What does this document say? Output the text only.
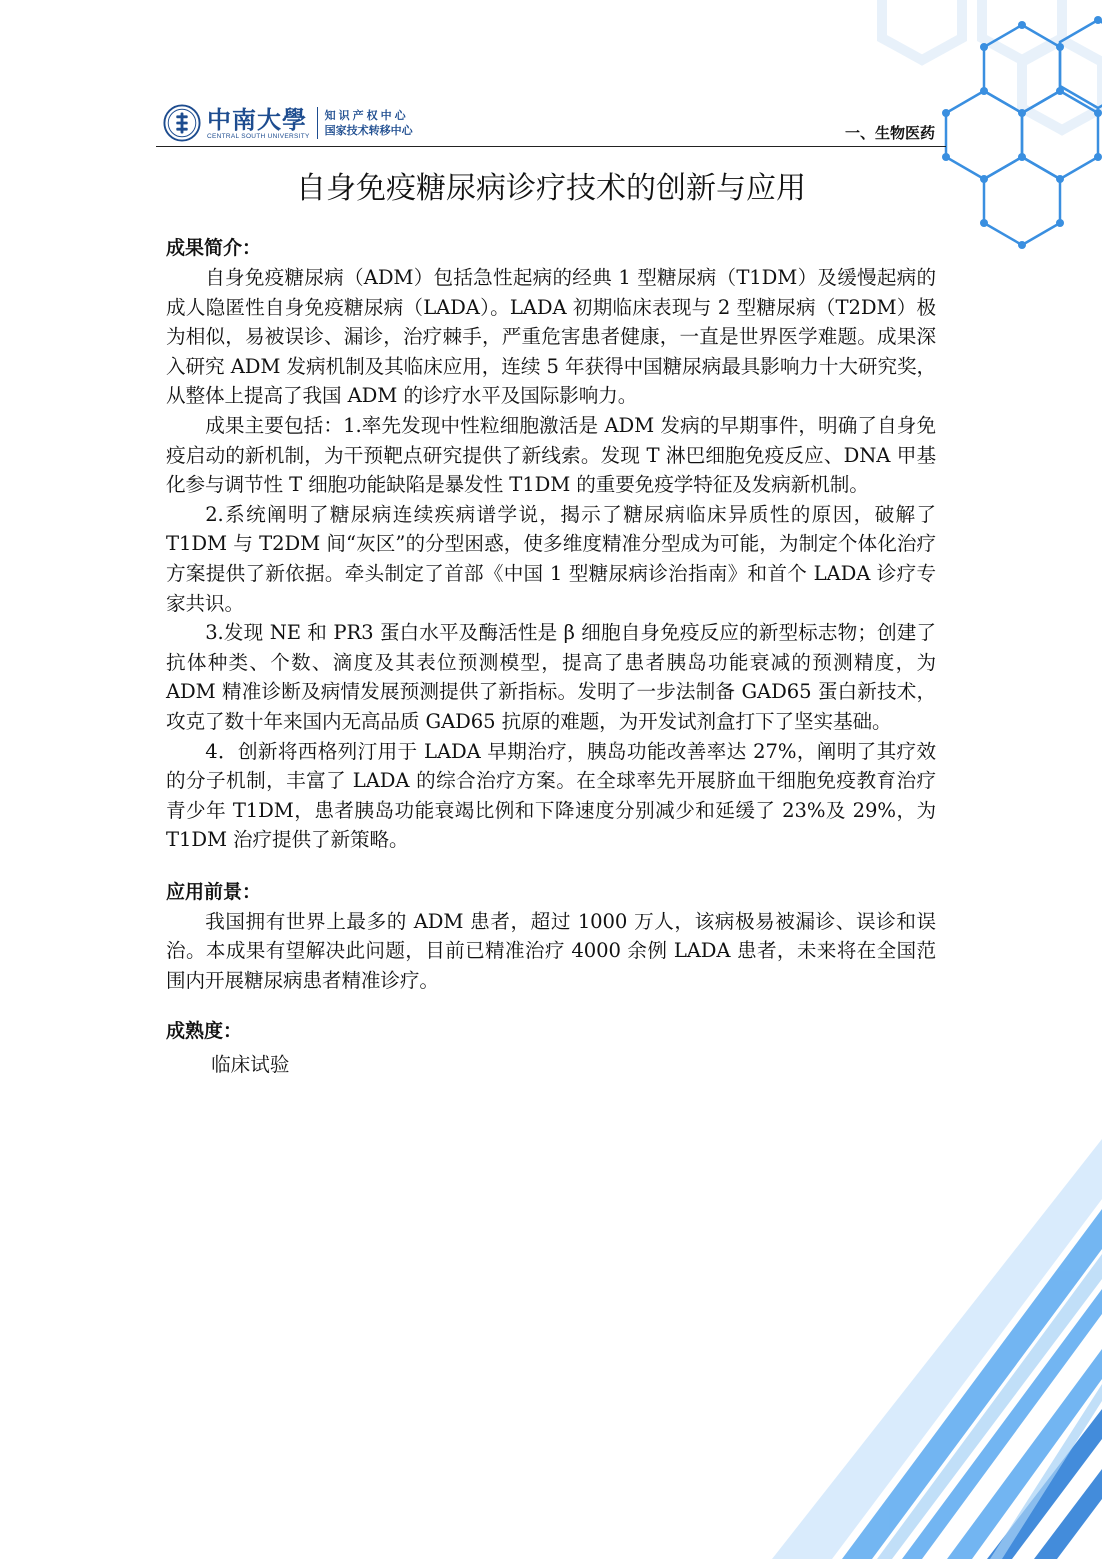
中南大學
CENTRAL SOUTH UNIVERSITY
知识产权中心
国家技术转移中心	一、生物医药
自身免疫糖尿病诊疗技术的创新与应用
成果简介：

自身免疫糖尿病（ADM）包括急性起病的经典 1 型糖尿病（T1DM）及缓慢起病的成人隐匿性自身免疫糖尿病（LADA）。LADA 初期临床表现与 2 型糖尿病（T2DM）极为相似，易被误诊、漏诊，治疗棘手，严重危害患者健康，一直是世界医学难题。成果深入研究 ADM 发病机制及其临床应用，连续 5 年获得中国糖尿病最具影响力十大研究奖，从整体上提高了我国 ADM 的诊疗水平及国际影响力。

成果主要包括：1.率先发现中性粒细胞激活是 ADM 发病的早期事件，明确了自身免疫启动的新机制，为干预靶点研究提供了新线索。发现 T 淋巴细胞免疫反应、DNA 甲基化参与调节性 T 细胞功能缺陷是暴发性 T1DM 的重要免疫学特征及发病新机制。

2.系统阐明了糖尿病连续疾病谱学说，揭示了糖尿病临床异质性的原因，破解了 T1DM 与 T2DM 间“灰区”的分型困惑，使多维度精准分型成为可能，为制定个体化治疗方案提供了新依据。牵头制定了首部《中国 1 型糖尿病诊治指南》和首个 LADA 诊疗专家共识。

3.发现 NE 和 PR3 蛋白水平及酶活性是 β 细胞自身免疫反应的新型标志物；创建了抗体种类、个数、滴度及其表位预测模型，提高了患者胰岛功能衰减的预测精度，为 ADM 精准诊断及病情发展预测提供了新指标。发明了一步法制备 GAD65 蛋白新技术，攻克了数十年来国内无高品质 GAD65 抗原的难题，为开发试剂盒打下了坚实基础。

4．创新将西格列汀用于 LADA 早期治疗，胰岛功能改善率达 27%，阐明了其疗效的分子机制，丰富了 LADA 的综合治疗方案。在全球率先开展脐血干细胞免疫教育治疗青少年 T1DM，患者胰岛功能衰竭比例和下降速度分别减少和延缓了 23%及 29%，为 T1DM 治疗提供了新策略。

应用前景：

我国拥有世界上最多的 ADM 患者，超过 1000 万人，该病极易被漏诊、误诊和误治。本成果有望解决此问题，目前已精准治疗 4000 余例 LADA 患者，未来将在全国范围内开展糖尿病患者精准诊疗。

成熟度：

临床试验
